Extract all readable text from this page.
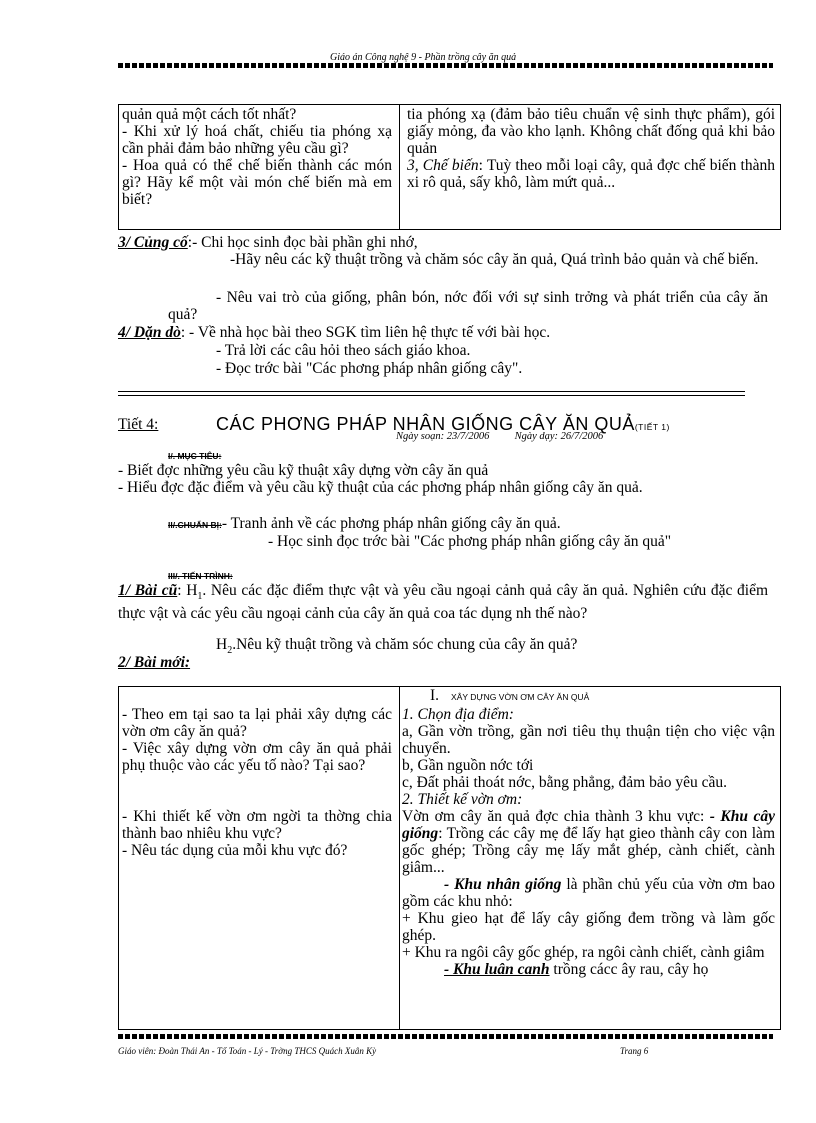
Giáo án Công nghệ 9 - Phần trồng cây ăn quả

quản quả một cách tốt nhất?

- Khi xử lý hoá chất, chiếu tia phóng xạ cần phải đảm bảo những yêu cầu gì?

- Hoa quả có thể chế biến thành các món gì? Hãy kể một vài món chế biến mà em biết?

tia phóng xạ (đảm bảo tiêu chuẩn vệ sinh thực phẩm), gói giấy mỏng, đa vào kho lạnh. Không chất đống quả khi bảo quản

3, Chế biến: Tuỳ theo mỗi loại cây, quả đợc chế biến thành xi rô quả, sấy khô, làm mứt quả...

3/ Củng cố:- Chi học sinh đọc bài phần ghi nhớ,

-Hãy nêu các kỹ thuật trồng và chăm sóc cây ăn quả, Quá trình bảo quản và chế biến.

- Nêu vai trò của giống, phân bón, nớc đối với sự sinh trởng và phát triển của cây ăn quả?

4/ Dặn dò: - Về nhà học bài theo SGK tìm liên hệ thực tế với bài học.
- Trả lời các câu hỏi theo sách giáo khoa.
- Đọc trớc bài "Các phơng pháp nhân giống cây".
Tiết 4:	CÁC PHƠNG PHÁP NHÂN GIỐNG CÂY ĂN QUẢ(TIẾT 1)
Ngày soạn: 23/7/2006 Ngày dạy: 26/7/2006
I/. MỤC TIÊU:
- Biết đợc những yêu cầu kỹ thuật xây dựng vờn cây ăn quả
- Hiểu đợc đặc điểm và yêu cầu kỹ thuật của các phơng pháp nhân giống cây ăn quả.
II/.CHUẨN BỊ:- Tranh ảnh về các phơng pháp nhân giống cây ăn quả.

- Học sinh đọc trớc bài "Các phơng pháp nhân giống cây ăn quả"

III/. TIẾN TRÌNH:

1/ Bài cũ: $H_1$. Nêu các đặc điểm thực vật và yêu cầu ngoại cảnh quả cây ăn quả. Nghiên cứu đặc điểm thực vật và các yêu cầu ngoại cảnh của cây ăn quả coa tác dụng nh thế nào?

$H_2.Nêu$ kỹ thuật trồng và chăm sóc chung của cây ăn quả?
2/ Bài mới:

- Theo em tại sao ta lại phải xây dựng các vờn ơm cây ăn quả?

- Việc xây dựng vờn ơm cây ăn quả phải phụ thuộc vào các yếu tố nào? Tại sao?

- Khi thiết kế vờn ơm ngời ta thờng chia thành bao nhiêu khu vực?

- Nêu tác dụng của mỗi khu vực đó?

I. XÂY DỰNG VỜN ƠM CÂY ĂN QUẢ

1. Chọn địa điểm:

a, Gần vờn trồng, gần nơi tiêu thụ thuận tiện cho việc vận chuyển.

b, Gần nguồn nớc tới

c, Đất phải thoát nớc, bằng phẳng, đảm bảo yêu cầu.

2. Thiết kế vờn ơm:

Vờn ơm cây ăn quả đợc chia thành 3 khu vực: - Khu cây giống: Trồng các cây mẹ để lấy hạt gieo thành cây con làm gốc ghép; Trồng cây mẹ lấy mắt ghép, cành chiết, cành giâm...

- Khu nhân giống là phần chủ yếu của vờn ơm bao gồm các khu nhỏ:

+ Khu gieo hạt để lấy cây giống đem trồng và làm gốc ghép.

+ Khu ra ngôi cây gốc ghép, ra ngôi cành chiết, cành giâm

- Khu luân canh trồng cácc ây rau, cây họ

Giáo viên: Đoàn Thái An - Tổ Toán - Lý - Trờng THCS Quách Xuân Kỳ	Trang 6
